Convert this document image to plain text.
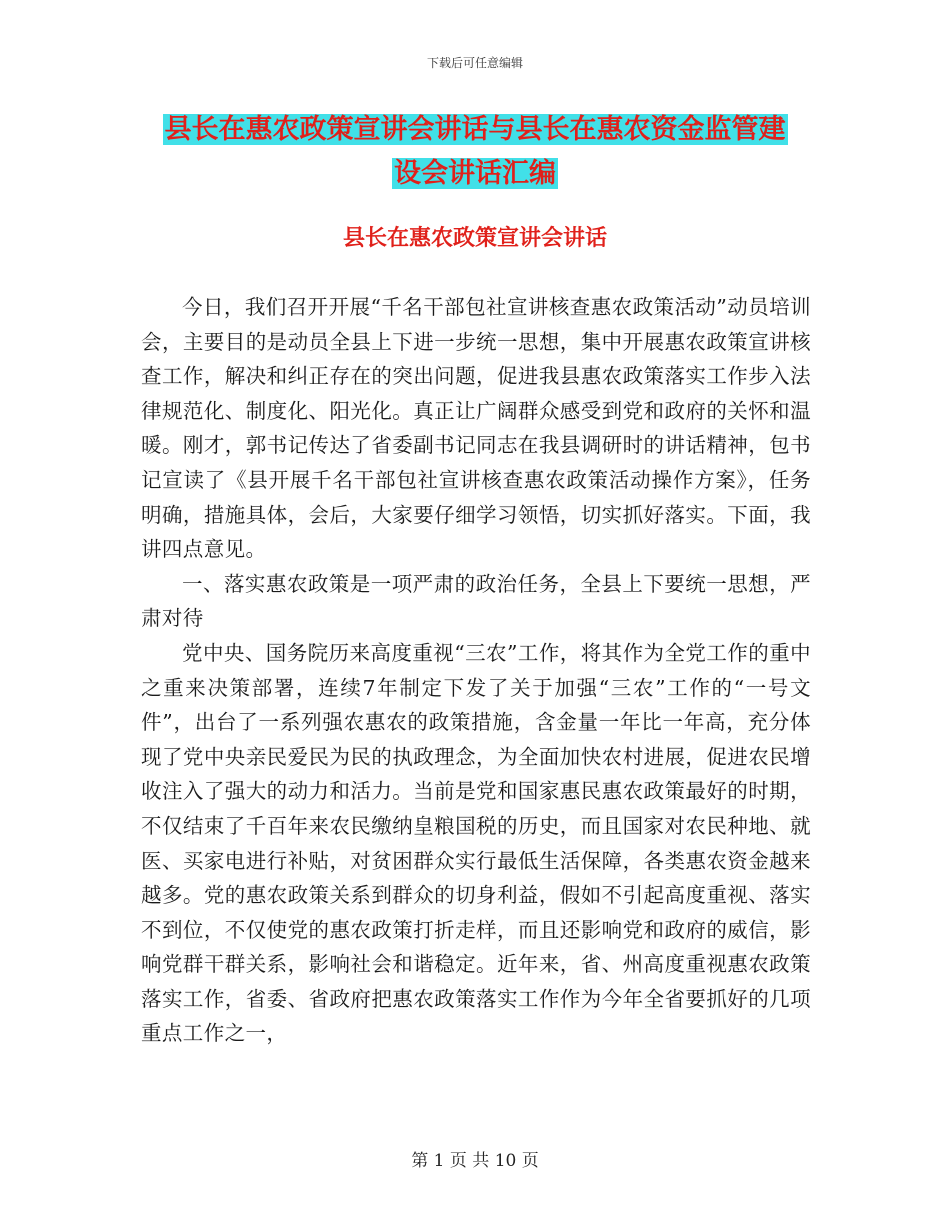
下载后可任意编辑
县长在惠农政策宣讲会讲话与县长在惠农资金监管建
设会讲话汇编
县长在惠农政策宣讲会讲话

今日，我们召开开展“千名干部包社宣讲核查惠农政策活动”动员培训会，主要目的是动员全县上下进一步统一思想，集中开展惠农政策宣讲核查工作，解决和纠正存在的突出问题，促进我县惠农政策落实工作步入法律规范化、制度化、阳光化。真正让广阔群众感受到党和政府的关怀和温暖。刚才，郭书记传达了省委副书记同志在我县调研时的讲话精神，包书记宣读了《县开展千名干部包社宣讲核查惠农政策活动操作方案》，任务明确，措施具体，会后，大家要仔细学习领悟，切实抓好落实。下面，我讲四点意见。

一、落实惠农政策是一项严肃的政治任务，全县上下要统一思想，严肃对待

党中央、国务院历来高度重视“三农”工作，将其作为全党工作的重中之重来决策部署，连续7年制定下发了关于加强“三农”工作的“一号文件”，出台了一系列强农惠农的政策措施，含金量一年比一年高，充分体现了党中央亲民爱民为民的执政理念，为全面加快农村进展，促进农民增收注入了强大的动力和活力。当前是党和国家惠民惠农政策最好的时期，不仅结束了千百年来农民缴纳皇粮国税的历史，而且国家对农民种地、就医、买家电进行补贴，对贫困群众实行最低生活保障，各类惠农资金越来越多。党的惠农政策关系到群众的切身利益，假如不引起高度重视、落实不到位，不仅使党的惠农政策打折走样，而且还影响党和政府的威信，影响党群干群关系，影响社会和谐稳定。近年来，省、州高度重视惠农政策落实工作，省委、省政府把惠农政策落实工作作为今年全省要抓好的几项重点工作之一，

第 1 页 共 10 页
